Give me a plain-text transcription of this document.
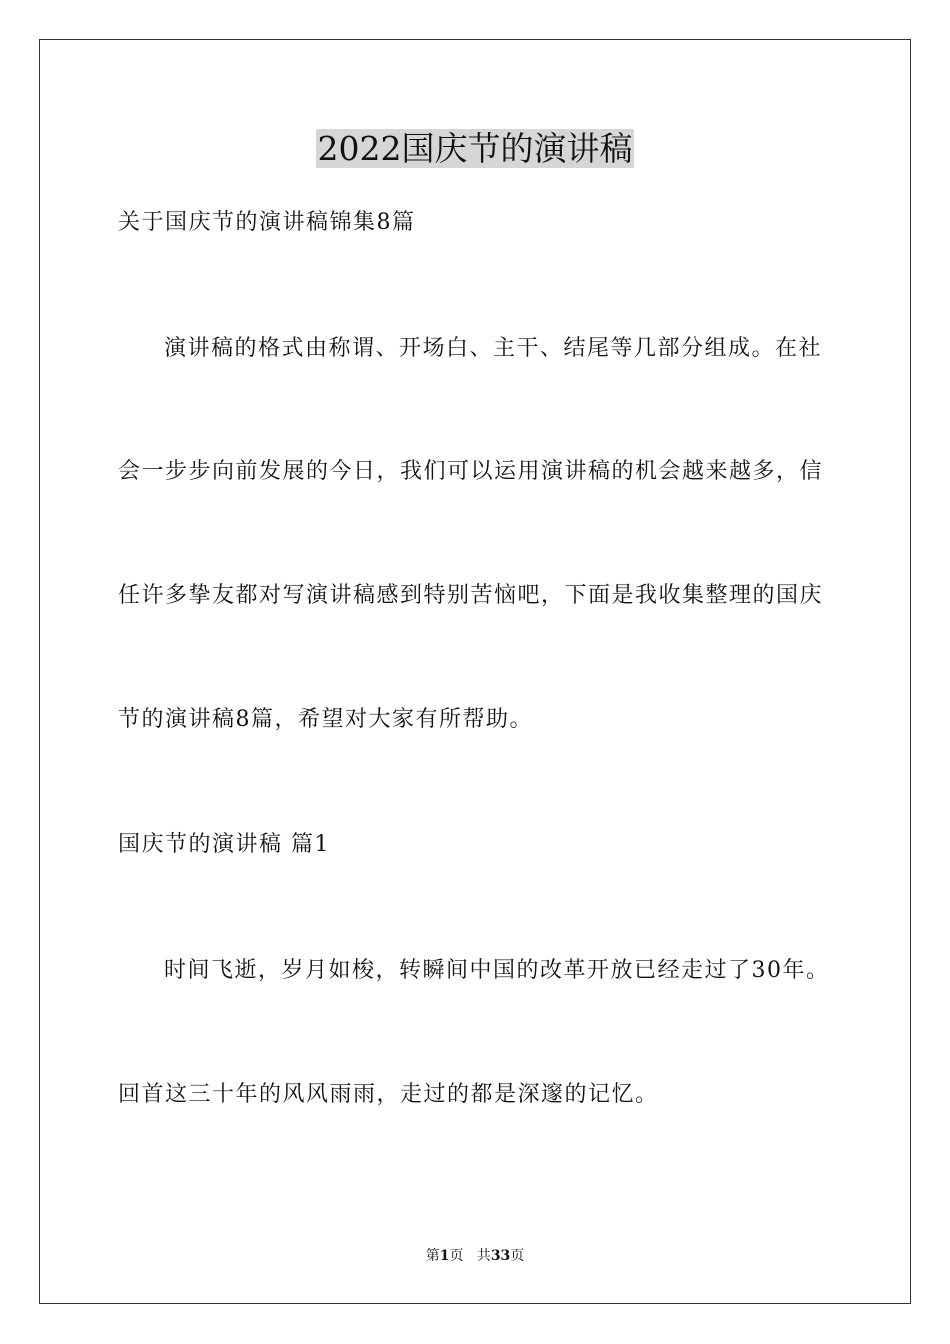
2022国庆节的演讲稿
关于国庆节的演讲稿锦集8篇
演讲稿的格式由称谓、开场白、主干、结尾等几部分组成。在社
会一步步向前发展的今日，我们可以运用演讲稿的机会越来越多，信
任许多挚友都对写演讲稿感到特别苦恼吧，下面是我收集整理的国庆
节的演讲稿8篇，希望对大家有所帮助。
国庆节的演讲稿 篇1
时间飞逝，岁月如梭，转瞬间中国的改革开放已经走过了30年。
回首这三十年的风风雨雨，走过的都是深邃的记忆。
第1页 共33页
